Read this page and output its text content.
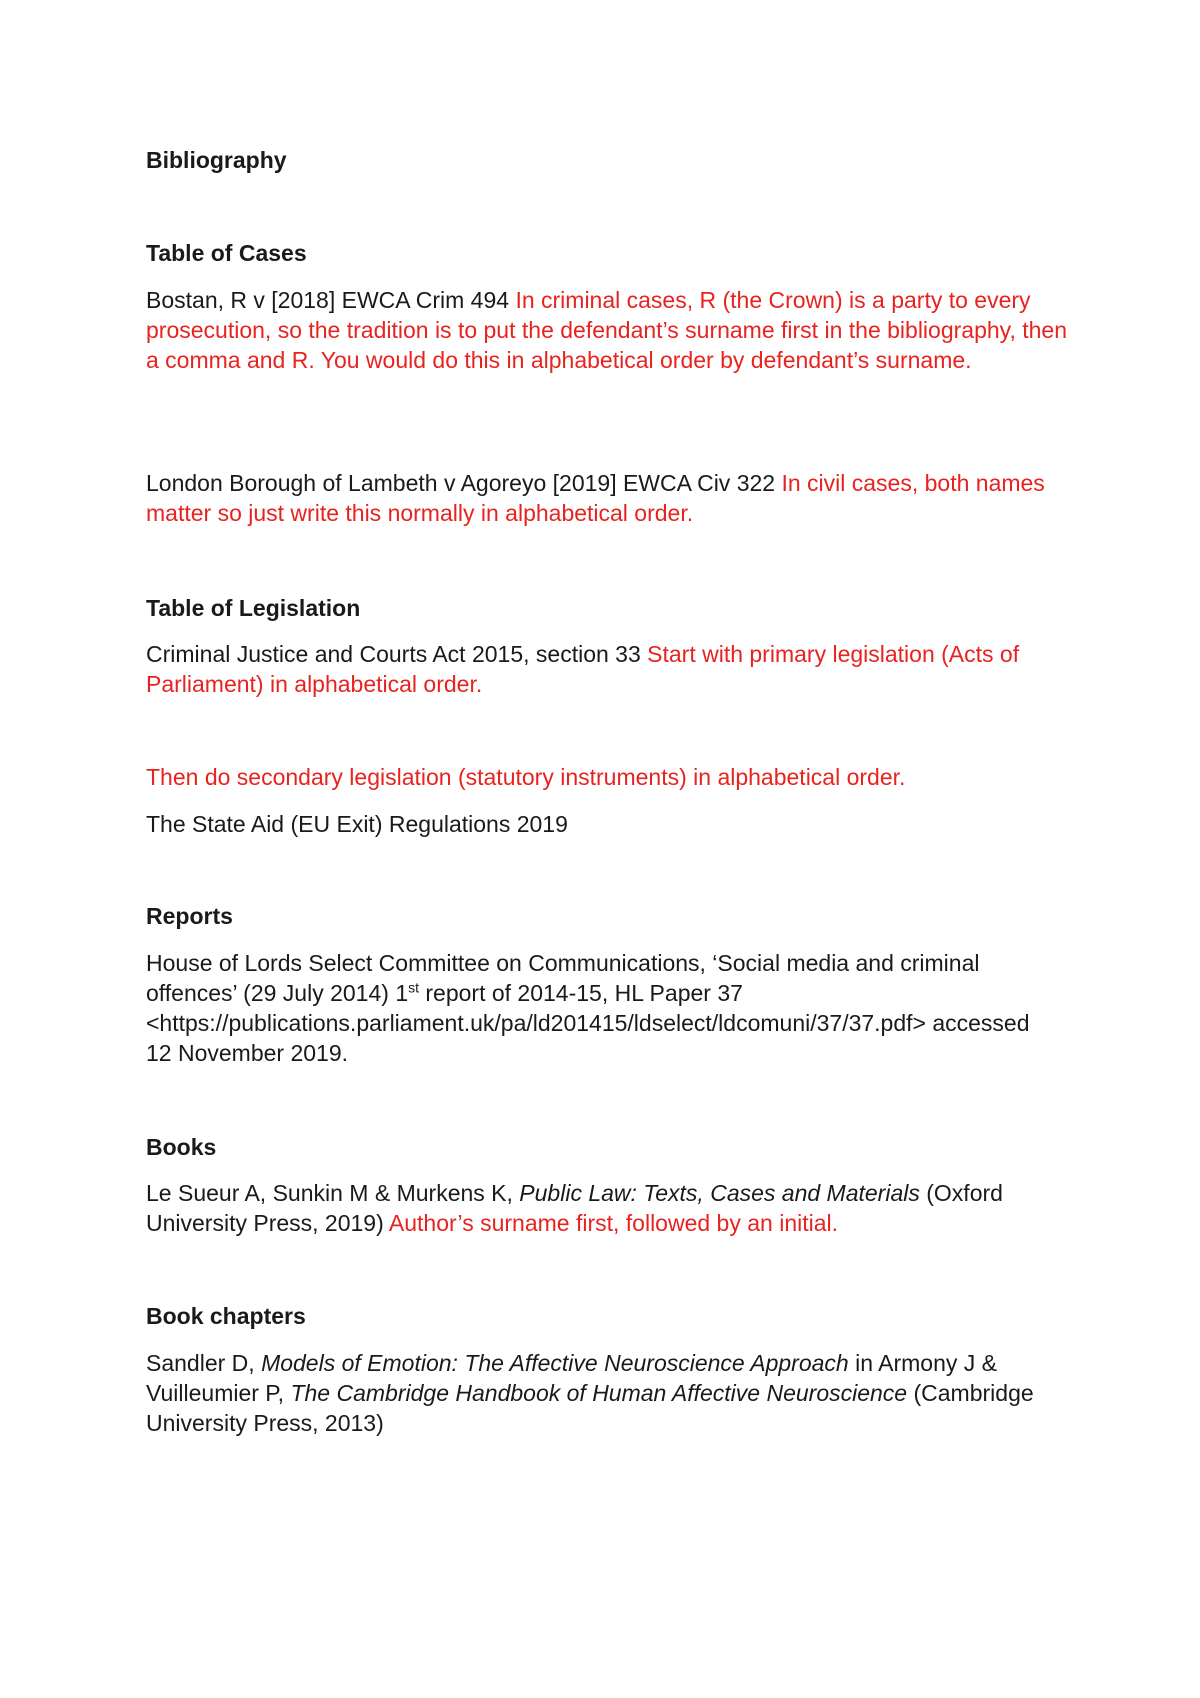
Bibliography
Table of Cases
Bostan, R v [2018] EWCA Crim 494 In criminal cases, R (the Crown) is a party to every prosecution, so the tradition is to put the defendant’s surname first in the bibliography, then a comma and R. You would do this in alphabetical order by defendant’s surname.
London Borough of Lambeth v Agoreyo [2019] EWCA Civ 322 In civil cases, both names matter so just write this normally in alphabetical order.
Table of Legislation
Criminal Justice and Courts Act 2015, section 33 Start with primary legislation (Acts of Parliament) in alphabetical order.
Then do secondary legislation (statutory instruments) in alphabetical order.
The State Aid (EU Exit) Regulations 2019
Reports
House of Lords Select Committee on Communications, ‘Social media and criminal offences’ (29 July 2014) 1st report of 2014-15, HL Paper 37 <https://publications.parliament.uk/pa/ld201415/ldselect/ldcomuni/37/37.pdf> accessed 12 November 2019.
Books
Le Sueur A, Sunkin M & Murkens K, Public Law: Texts, Cases and Materials (Oxford University Press, 2019) Author’s surname first, followed by an initial.
Book chapters
Sandler D, Models of Emotion: The Affective Neuroscience Approach in Armony J & Vuilleumier P, The Cambridge Handbook of Human Affective Neuroscience (Cambridge University Press, 2013)
